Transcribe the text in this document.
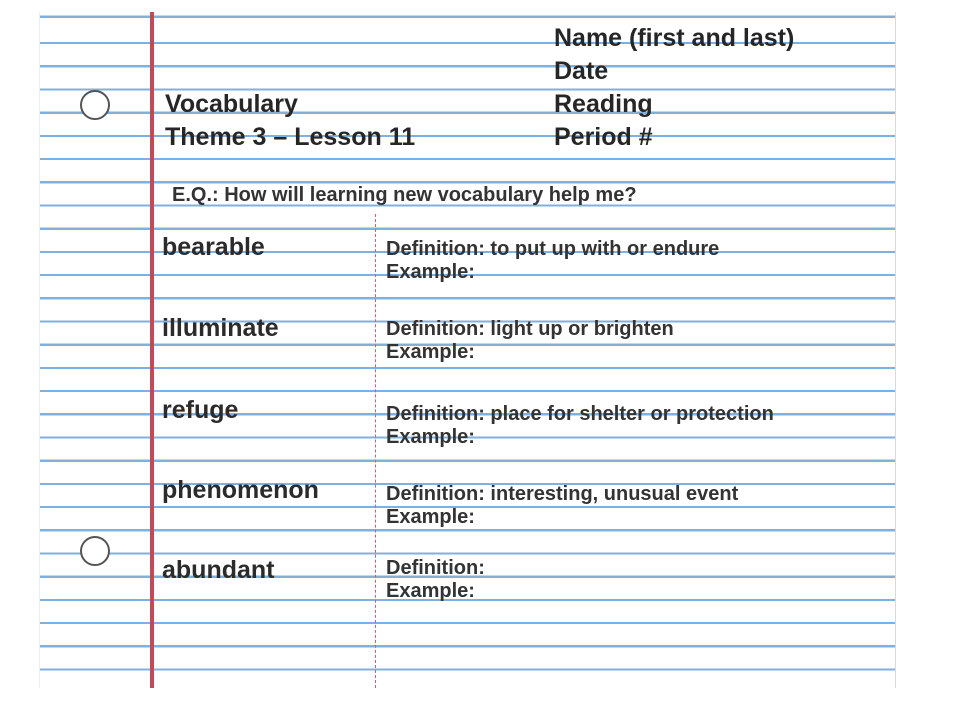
Vocabulary
Theme 3 – Lesson 11
Name (first and last)
Date
Reading
Period #
E.Q.: How will learning new vocabulary help me?
bearable	Definition: to put up with or endure
Example:
illuminate	Definition: light up or brighten
Example:
refuge	Definition: place for shelter or protection
Example:
phenomenon	Definition: interesting, unusual event
Example:
abundant	Definition:
Example:
